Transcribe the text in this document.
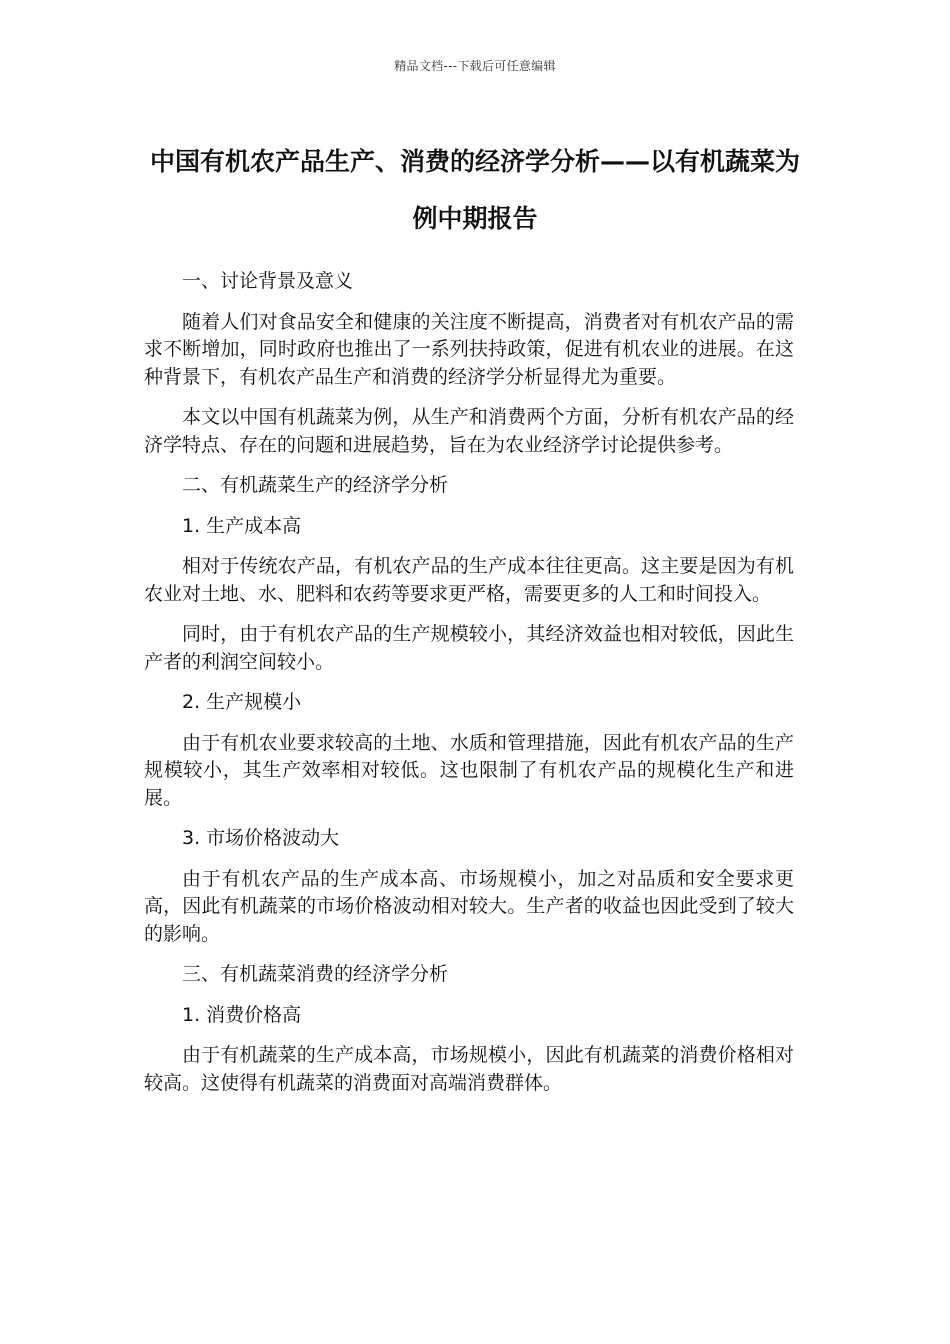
精品文档---下载后可任意编辑
中国有机农产品生产、消费的经济学分析——以有机蔬菜为例中期报告

一、讨论背景及意义

随着人们对食品安全和健康的关注度不断提高，消费者对有机农产品的需求不断增加，同时政府也推出了一系列扶持政策，促进有机农业的进展。在这种背景下，有机农产品生产和消费的经济学分析显得尤为重要。

本文以中国有机蔬菜为例，从生产和消费两个方面，分析有机农产品的经济学特点、存在的问题和进展趋势，旨在为农业经济学讨论提供参考。

二、有机蔬菜生产的经济学分析

1. 生产成本高

相对于传统农产品，有机农产品的生产成本往往更高。这主要是因为有机农业对土地、水、肥料和农药等要求更严格，需要更多的人工和时间投入。

同时，由于有机农产品的生产规模较小，其经济效益也相对较低，因此生产者的利润空间较小。

2. 生产规模小

由于有机农业要求较高的土地、水质和管理措施，因此有机农产品的生产规模较小，其生产效率相对较低。这也限制了有机农产品的规模化生产和进展。

3. 市场价格波动大

由于有机农产品的生产成本高、市场规模小，加之对品质和安全要求更高，因此有机蔬菜的市场价格波动相对较大。生产者的收益也因此受到了较大的影响。

三、有机蔬菜消费的经济学分析

1. 消费价格高

由于有机蔬菜的生产成本高，市场规模小，因此有机蔬菜的消费价格相对较高。这使得有机蔬菜的消费面对高端消费群体。
